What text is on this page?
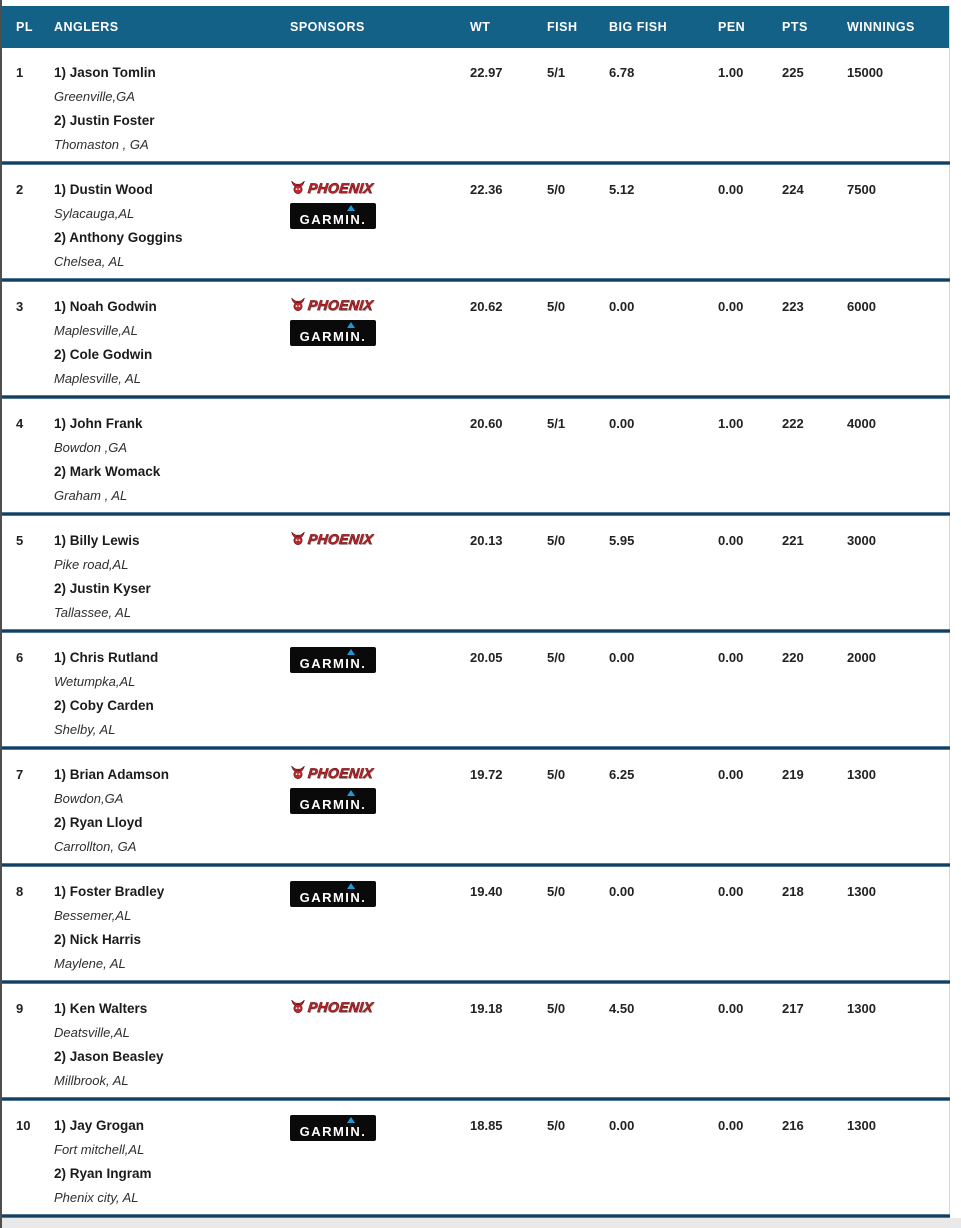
PL	ANGLERS	SPONSORS	WT	FISH	BIG FISH	PEN	PTS	WINNINGS
1	1) Jason Tomlin
Greenville,GA
2) Justin Foster
Thomaston , GA
22.97	5/1	6.78	1.00	225	15000
2	1) Dustin Wood
Sylacauga,AL
2) Anthony Goggins
Chelsea, AL
PHOENIX
GARMIN.
22.36	5/0	5.12	0.00	224	7500
3	1) Noah Godwin
Maplesville,AL
2) Cole Godwin
Maplesville, AL
PHOENIX
GARMIN.
20.62	5/0	0.00	0.00	223	6000
4	1) John Frank
Bowdon ,GA
2) Mark Womack
Graham , AL
20.60	5/1	0.00	1.00	222	4000
5	1) Billy Lewis
Pike road,AL
2) Justin Kyser
Tallassee, AL
PHOENIX	20.13	5/0	5.95	0.00	221	3000
6	1) Chris Rutland
Wetumpka,AL
2) Coby Carden
Shelby, AL
GARMIN.	20.05	5/0	0.00	0.00	220	2000
7	1) Brian Adamson
Bowdon,GA
2) Ryan Lloyd
Carrollton, GA
PHOENIX
GARMIN.
19.72	5/0	6.25	0.00	219	1300
8	1) Foster Bradley
Bessemer,AL
2) Nick Harris
Maylene, AL
GARMIN.	19.40	5/0	0.00	0.00	218	1300
9	1) Ken Walters
Deatsville,AL
2) Jason Beasley
Millbrook, AL
PHOENIX	19.18	5/0	4.50	0.00	217	1300
10	1) Jay Grogan
Fort mitchell,AL
2) Ryan Ingram
Phenix city, AL
GARMIN.	18.85	5/0	0.00	0.00	216	1300
